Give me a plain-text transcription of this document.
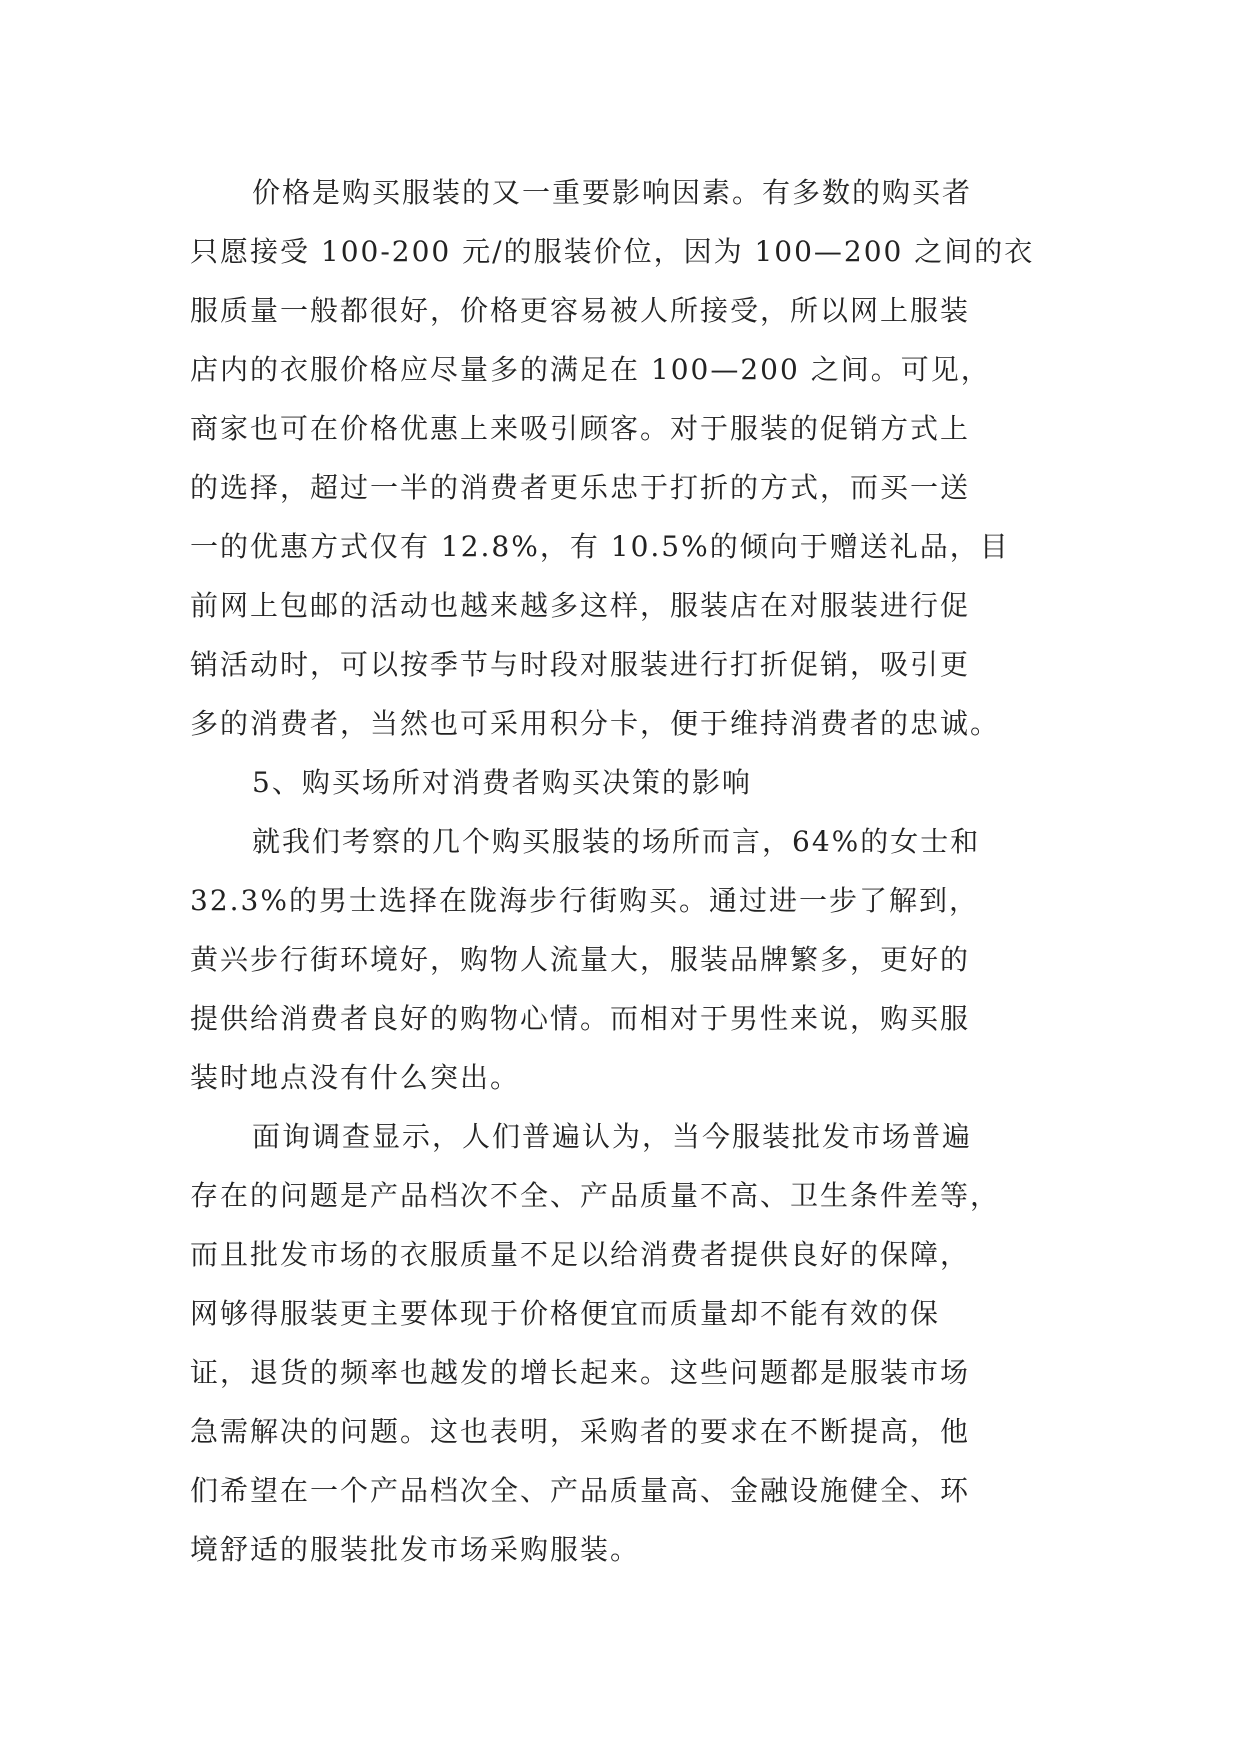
价格是购买服装的又一重要影响因素。有多数的购买者
只愿接受 100-200 元/的服装价位，因为 100—200 之间的衣
服质量一般都很好，价格更容易被人所接受，所以网上服装
店内的衣服价格应尽量多的满足在 100—200 之间。可见，
商家也可在价格优惠上来吸引顾客。对于服装的促销方式上
的选择，超过一半的消费者更乐忠于打折的方式，而买一送
一的优惠方式仅有 12.8%，有 10.5%的倾向于赠送礼品，目
前网上包邮的活动也越来越多这样，服装店在对服装进行促
销活动时，可以按季节与时段对服装进行打折促销，吸引更
多的消费者，当然也可采用积分卡，便于维持消费者的忠诚。
5、购买场所对消费者购买决策的影响
就我们考察的几个购买服装的场所而言，64%的女士和
32.3%的男士选择在陇海步行街购买。通过进一步了解到，
黄兴步行街环境好，购物人流量大，服装品牌繁多，更好的
提供给消费者良好的购物心情。而相对于男性来说，购买服
装时地点没有什么突出。
面询调查显示，人们普遍认为，当今服装批发市场普遍
存在的问题是产品档次不全、产品质量不高、卫生条件差等，
而且批发市场的衣服质量不足以给消费者提供良好的保障，
网够得服装更主要体现于价格便宜而质量却不能有效的保
证，退货的频率也越发的增长起来。这些问题都是服装市场
急需解决的问题。这也表明，采购者的要求在不断提高，他
们希望在一个产品档次全、产品质量高、金融设施健全、环
境舒适的服装批发市场采购服装。
